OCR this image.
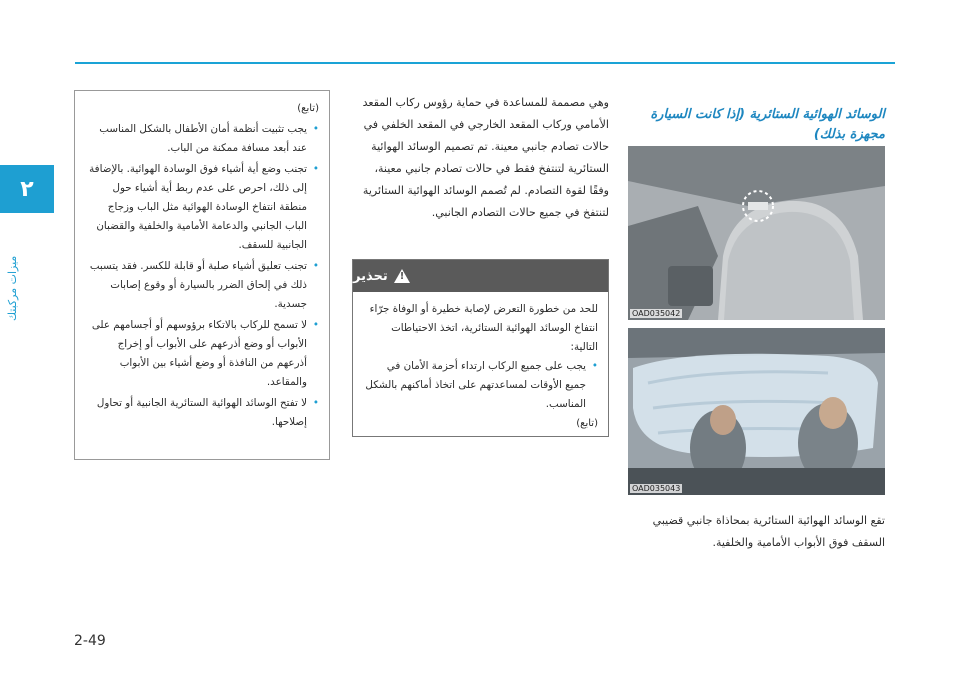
٢
ميزات مركبتك
(تابع)
• يجب تثبيت أنظمة أمان الأطفال بالشكل المناسب عند أبعد مسافة ممكنة من الباب.
• تجنب وضع أية أشياء فوق الوسادة الهوائية. بالإضافة إلى ذلك، احرص على عدم ربط أية أشياء حول منطقة انتفاخ الوسادة الهوائية مثل الباب وزجاج الباب الجانبي والدعامة الأمامية والخلفية والقضبان الجانبية للسقف.
• تجنب تعليق أشياء صلبة أو قابلة للكسر. فقد يتسبب ذلك في إلحاق الضرر بالسيارة أو وقوع إصابات جسدية.
• لا تسمح للركاب بالاتكاء برؤوسهم أو أجسامهم على الأبواب أو وضع أذرعهم على الأبواب أو إخراج أذرعهم من النافذة أو وضع أشياء بين الأبواب والمقاعد.
• لا تفتح الوسائد الهوائية الستائرية الجانبية أو تحاول إصلاحها.

وهي مصممة للمساعدة في حماية رؤوس ركاب المقعد الأمامي وركاب المقعد الخارجي في المقعد الخلفي في حالات تصادم جانبي معينة. تم تصميم الوسائد الهوائية الستائرية لتنتفخ فقط في حالات تصادم جانبي معينة، وفقًا لقوة التصادم. لم تُصمم الوسائد الهوائية الستائرية لتنتفخ في جميع حالات التصادم الجانبي.

!
تحذير

للحد من خطورة التعرض لإصابة خطيرة أو الوفاة جرّاء انتفاخ الوسائد الهوائية الستائرية، اتخذ الاحتياطات التالية:

• يجب على جميع الركاب ارتداء أحزمة الأمان في جميع الأوقات لمساعدتهم على اتخاذ أماكنهم بالشكل المناسب.
(تابع)
الوسائد الهوائية الستائرية (إذا كانت السيارة مجهزة بذلك)
OAD035042
OAD035043

تقع الوسائد الهوائية الستائرية بمحاذاة جانبي قضيبي السقف فوق الأبواب الأمامية والخلفية.

2-49
